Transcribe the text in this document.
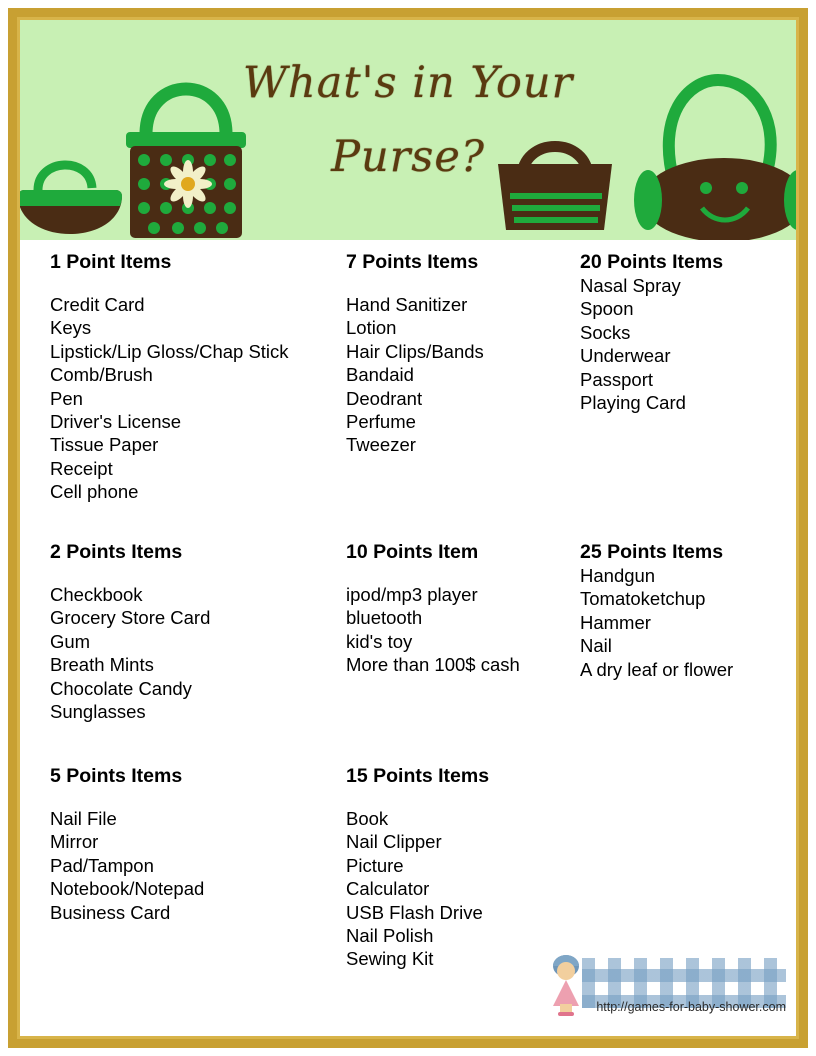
What's in Your
Purse?
1 Point Items
Credit Card
Keys
Lipstick/Lip Gloss/Chap Stick
Comb/Brush
Pen
Driver's License
Tissue Paper
Receipt
Cell phone
2 Points Items
Checkbook
Grocery Store Card
Gum
Breath Mints
Chocolate Candy
Sunglasses
5 Points Items
Nail File
Mirror
Pad/Tampon
Notebook/Notepad
Business Card
7 Points Items
Hand Sanitizer
Lotion
Hair Clips/Bands
Bandaid
Deodrant
Perfume
Tweezer
10 Points Item
ipod/mp3 player
bluetooth
kid's toy
More than 100$ cash
15 Points Items
Book
Nail Clipper
Picture
Calculator
USB Flash Drive
Nail Polish
Sewing Kit
20 Points Items
Nasal Spray
Spoon
Socks
Underwear
Passport
Playing Card
25 Points Items
Handgun
Tomatoketchup
Hammer
Nail
A dry leaf or flower
http://games-for-baby-shower.com
